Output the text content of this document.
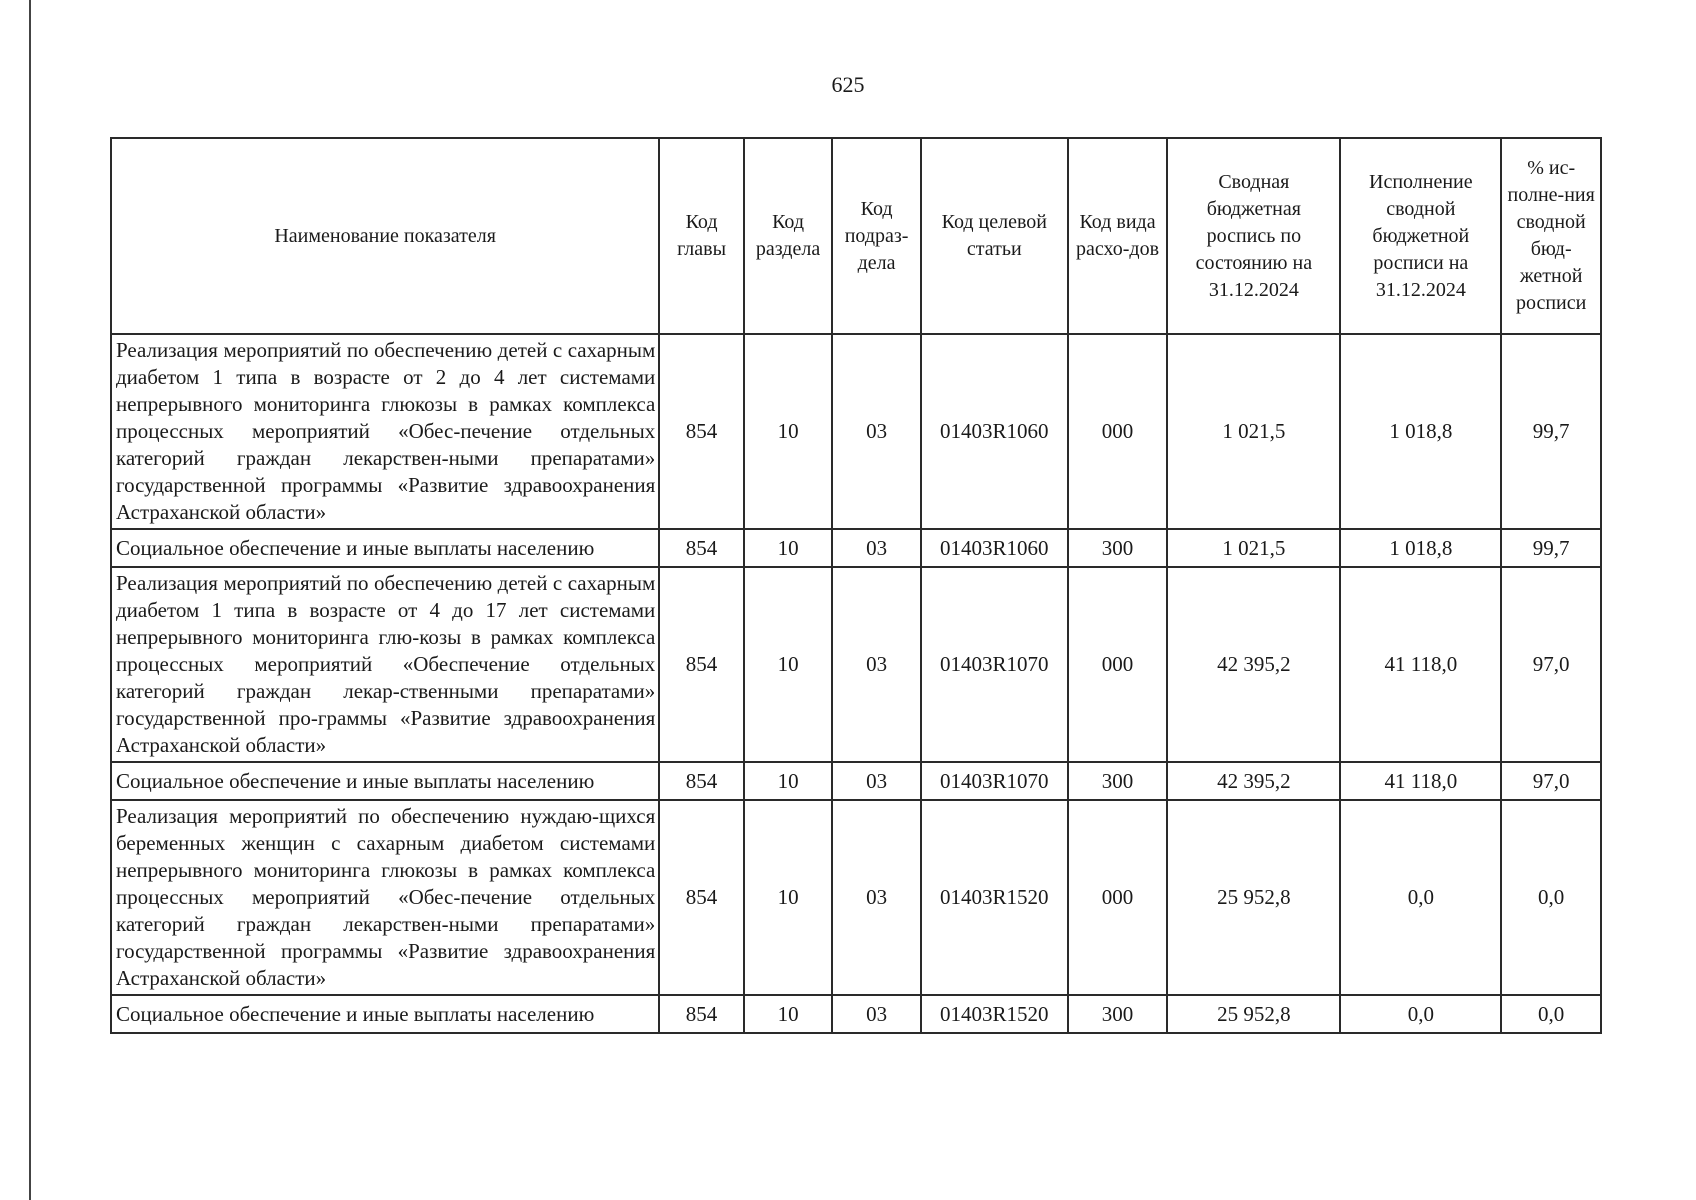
625
Наименование показателя	Код главы	Код раздела	Код подраз-дела	Код целевой статьи	Код вида расхо-дов	Сводная бюджетная роспись по состоянию на 31.12.2024	Исполнение сводной бюджетной росписи на 31.12.2024	% ис-полне-ния сводной бюд-жетной росписи
Реализация мероприятий по обеспечению детей с сахарным диабетом 1 типа в возрасте от 2 до 4 лет системами непрерывного мониторинга глюкозы в рамках комплекса процессных мероприятий «Обес-печение отдельных категорий граждан лекарствен-ными препаратами» государственной программы «Развитие здравоохранения Астраханской области»	854	10	03	01403R1060	000	1 021,5	1 018,8	99,7
Социальное обеспечение и иные выплаты населению	854	10	03	01403R1060	300	1 021,5	1 018,8	99,7
Реализация мероприятий по обеспечению детей с сахарным диабетом 1 типа в возрасте от 4 до 17 лет системами непрерывного мониторинга глю-козы в рамках комплекса процессных мероприятий «Обеспечение отдельных категорий граждан лекар-ственными препаратами» государственной про-граммы «Развитие здравоохранения Астраханской области»	854	10	03	01403R1070	000	42 395,2	41 118,0	97,0
Социальное обеспечение и иные выплаты населению	854	10	03	01403R1070	300	42 395,2	41 118,0	97,0
Реализация мероприятий по обеспечению нуждаю-щихся беременных женщин с сахарным диабетом системами непрерывного мониторинга глюкозы в рамках комплекса процессных мероприятий «Обес-печение отдельных категорий граждан лекарствен-ными препаратами» государственной программы «Развитие здравоохранения Астраханской области»	854	10	03	01403R1520	000	25 952,8	0,0	0,0
Социальное обеспечение и иные выплаты населению	854	10	03	01403R1520	300	25 952,8	0,0	0,0
